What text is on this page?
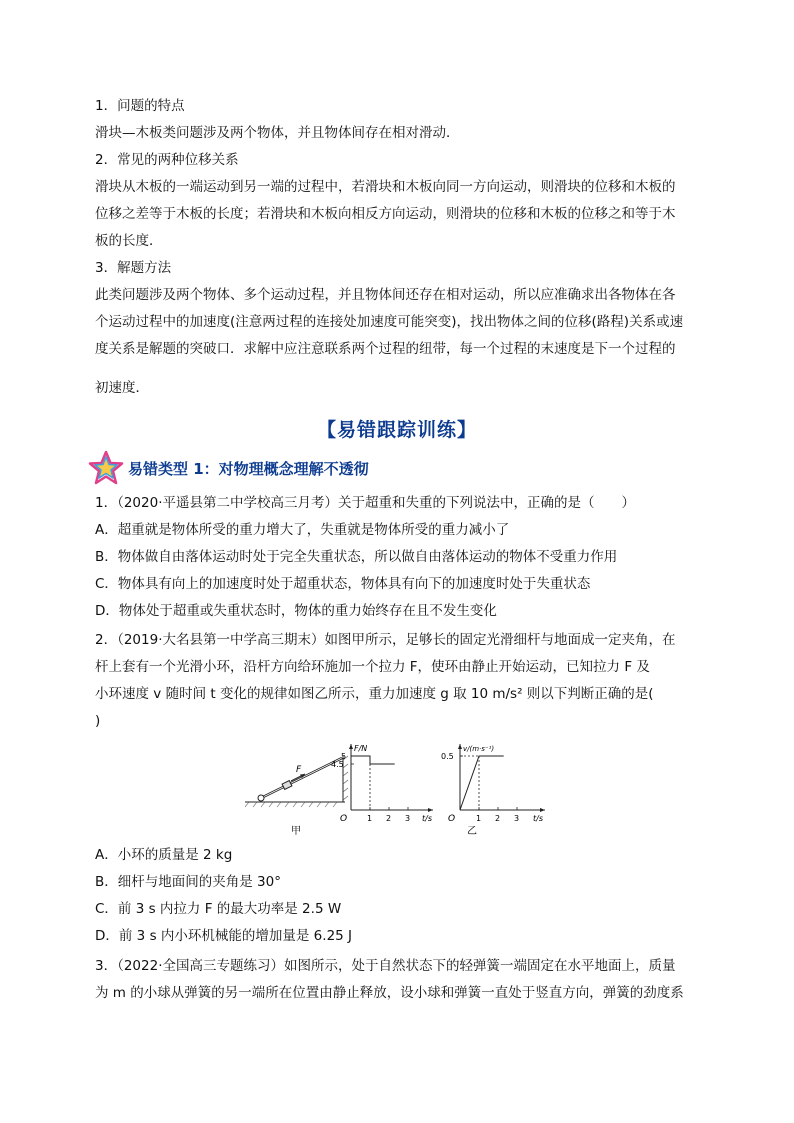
1．问题的特点
滑块—木板类问题涉及两个物体，并且物体间存在相对滑动．
2．常见的两种位移关系
滑块从木板的一端运动到另一端的过程中，若滑块和木板向同一方向运动，则滑块的位移和木板的
位移之差等于木板的长度；若滑块和木板向相反方向运动，则滑块的位移和木板的位移之和等于木
板的长度．
3．解题方法
此类问题涉及两个物体、多个运动过程，并且物体间还存在相对运动，所以应准确求出各物体在各
个运动过程中的加速度(注意两过程的连接处加速度可能突变)，找出物体之间的位移(路程)关系或速
度关系是解题的突破口．求解中应注意联系两个过程的纽带，每一个过程的末速度是下一个过程的
初速度．
【易错跟踪训练】
易错类型 1：对物理概念理解不透彻
1．（2020·平遥县第二中学校高三月考）关于超重和失重的下列说法中，正确的是（　　）
A．超重就是物体所受的重力增大了，失重就是物体所受的重力减小了
B．物体做自由落体运动时处于完全失重状态，所以做自由落体运动的物体不受重力作用
C．物体具有向上的加速度时处于超重状态，物体具有向下的加速度时处于失重状态
D．物体处于超重或失重状态时，物体的重力始终存在且不发生变化
2．（2019·大名县第一中学高三期末）如图甲所示，足够长的固定光滑细杆与地面成一定夹角，在
杆上套有一个光滑小环，沿杆方向给环施加一个拉力 F，使环由静止开始运动，已知拉力 F 及
小环速度 v 随时间 t 变化的规律如图乙所示，重力加速度 g 取 10 m/s² 则以下判断正确的是(
)
F
甲
F/N
t/s
O 1 2 3
5
4.5
v/(m·s⁻¹)
t/s
O
乙
1 2 3
0.5
A．小环的质量是 2 kg
B．细杆与地面间的夹角是 30°
C．前 3 s 内拉力 F 的最大功率是 2.5 W
D．前 3 s 内小环机械能的增加量是 6.25 J
3．（2022·全国高三专题练习）如图所示，处于自然状态下的轻弹簧一端固定在水平地面上，质量
为 m 的小球从弹簧的另一端所在位置由静止释放，设小球和弹簧一直处于竖直方向，弹簧的劲度系
